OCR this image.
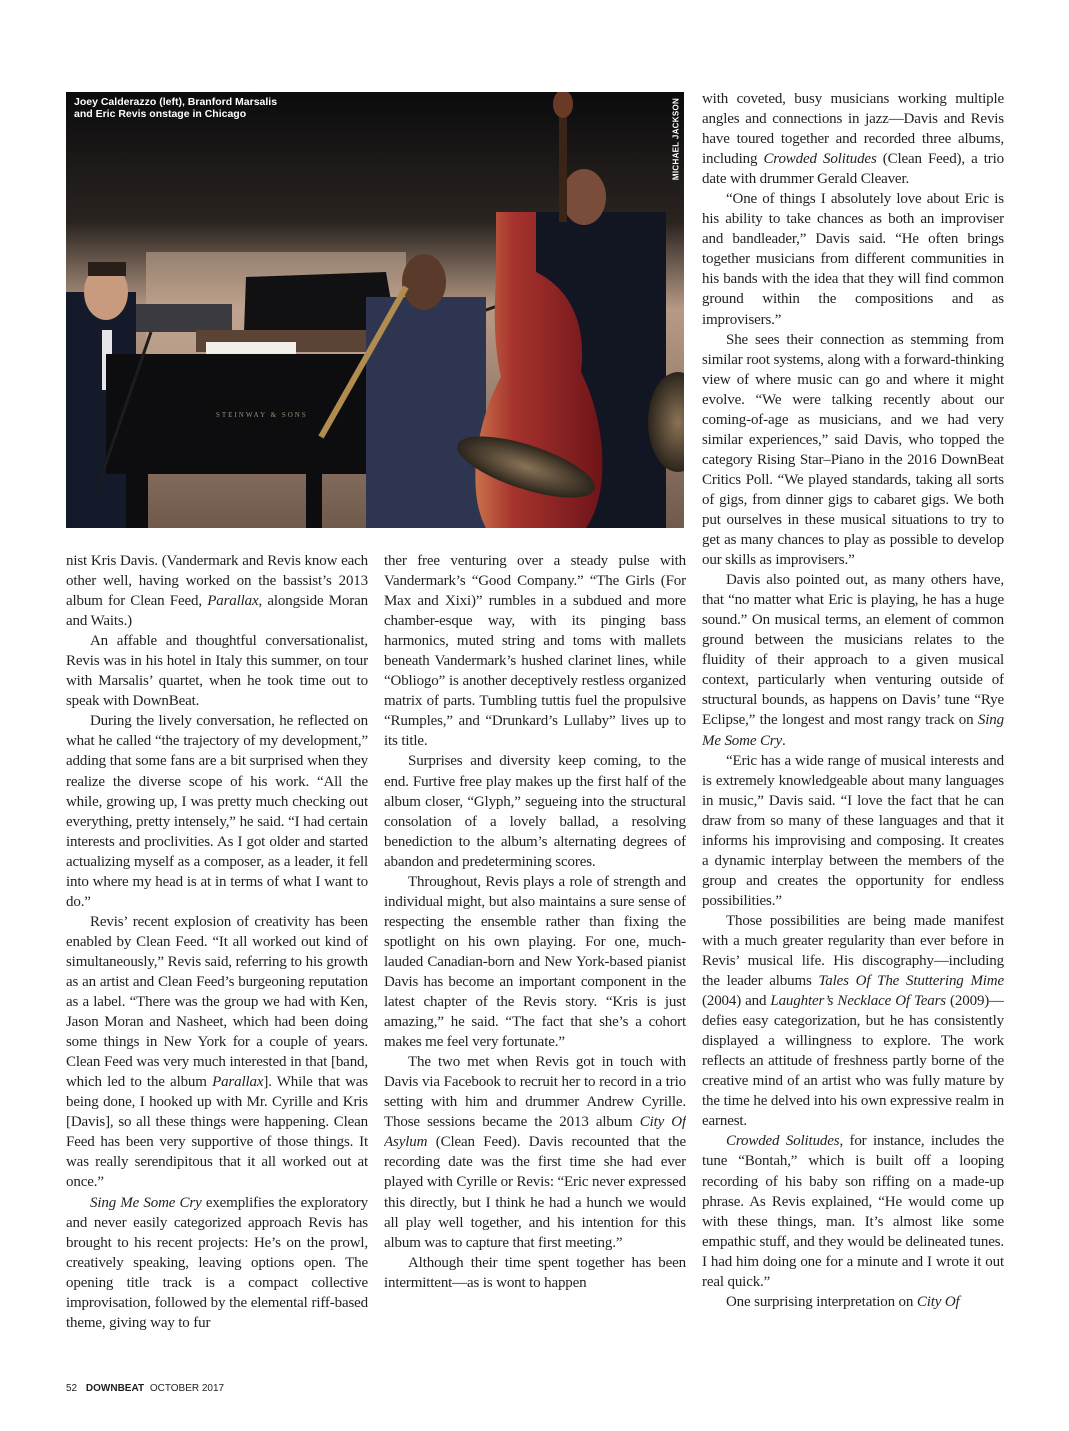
STEINWAY & SONS
Joey Calderazzo (left), Branford Marsalis
and Eric Revis onstage in Chicago	MICHAEL JACKSON

nist Kris Davis. (Vandermark and Revis know each other well, having worked on the bassist’s 2013 album for Clean Feed, Parallax, alongside Moran and Waits.)

An affable and thoughtful conversationalist, Revis was in his hotel in Italy this summer, on tour with Marsalis’ quartet, when he took time out to speak with DownBeat.

During the lively conversation, he reflected on what he called “the trajectory of my development,” adding that some fans are a bit surprised when they realize the diverse scope of his work. “All the while, growing up, I was pretty much checking out everything, pretty intensely,” he said. “I had certain interests and proclivities. As I got older and started actualizing myself as a composer, as a leader, it fell into where my head is at in terms of what I want to do.”

Revis’ recent explosion of creativity has been enabled by Clean Feed. “It all worked out kind of simultaneously,” Revis said, referring to his growth as an artist and Clean Feed’s burgeoning reputation as a label. “There was the group we had with Ken, Jason Moran and Nasheet, which had been doing some things in New York for a couple of years. Clean Feed was very much interested in that [band, which led to the album Parallax]. While that was being done, I hooked up with Mr. Cyrille and Kris [Davis], so all these things were happening. Clean Feed has been very supportive of those things. It was really serendipitous that it all worked out at once.”

Sing Me Some Cry exemplifies the exploratory and never easily categorized approach Revis has brought to his recent projects: He’s on the prowl, creatively speaking, leaving options open. The opening title track is a compact collective improvisation, followed by the elemental riff-based theme, giving way to fur

ther free venturing over a steady pulse with Vandermark’s “Good Company.” “The Girls (For Max and Xixi)” rumbles in a subdued and more chamber-esque way, with its pinging bass harmonics, muted string and toms with mallets beneath Vandermark’s hushed clarinet lines, while “Obliogo” is another deceptively restless organized matrix of parts. Tumbling tuttis fuel the propulsive “Rumples,” and “Drunkard’s Lullaby” lives up to its title.

Surprises and diversity keep coming, to the end. Furtive free play makes up the first half of the album closer, “Glyph,” segueing into the structural consolation of a lovely ballad, a resolving benediction to the album’s alternating degrees of abandon and predetermining scores.

Throughout, Revis plays a role of strength and individual might, but also maintains a sure sense of respecting the ensemble rather than fixing the spotlight on his own playing. For one, much-lauded Canadian-born and New York-based pianist Davis has become an important component in the latest chapter of the Revis story. “Kris is just amazing,” he said. “The fact that she’s a cohort makes me feel very fortunate.”

The two met when Revis got in touch with Davis via Facebook to recruit her to record in a trio setting with him and drummer Andrew Cyrille. Those sessions became the 2013 album City Of Asylum (Clean Feed). Davis recounted that the recording date was the first time she had ever played with Cyrille or Revis: “Eric never expressed this directly, but I think he had a hunch we would all play well together, and his intention for this album was to capture that first meeting.”

Although their time spent together has been intermittent—as is wont to happen

with coveted, busy musicians working multiple angles and connections in jazz—Davis and Revis have toured together and recorded three albums, including Crowded Solitudes (Clean Feed), a trio date with drummer Gerald Cleaver.

“One of things I absolutely love about Eric is his ability to take chances as both an improviser and bandleader,” Davis said. “He often brings together musicians from different communities in his bands with the idea that they will find common ground within the compositions and as improvisers.”

She sees their connection as stemming from similar root systems, along with a forward-thinking view of where music can go and where it might evolve. “We were talking recently about our coming-of-age as musicians, and we had very similar experiences,” said Davis, who topped the category Rising Star–Piano in the 2016 DownBeat Critics Poll. “We played standards, taking all sorts of gigs, from dinner gigs to cabaret gigs. We both put ourselves in these musical situations to try to get as many chances to play as possible to develop our skills as improvisers.”

Davis also pointed out, as many others have, that “no matter what Eric is playing, he has a huge sound.” On musical terms, an element of common ground between the musicians relates to the fluidity of their approach to a given musical context, particularly when venturing outside of structural bounds, as happens on Davis’ tune “Rye Eclipse,” the longest and most rangy track on Sing Me Some Cry.

“Eric has a wide range of musical interests and is extremely knowledgeable about many languages in music,” Davis said. “I love the fact that he can draw from so many of these languages and that it informs his improvising and composing. It creates a dynamic interplay between the members of the group and creates the opportunity for endless possibilities.”

Those possibilities are being made manifest with a much greater regularity than ever before in Revis’ musical life. His discography—including the leader albums Tales Of The Stuttering Mime (2004) and Laughter’s Necklace Of Tears (2009)—defies easy categorization, but he has consistently displayed a willingness to explore. The work reflects an attitude of freshness partly borne of the creative mind of an artist who was fully mature by the time he delved into his own expressive realm in earnest.

Crowded Solitudes, for instance, includes the tune “Bontah,” which is built off a looping recording of his baby son riffing on a made-up phrase. As Revis explained, “He would come up with these things, man. It’s almost like some empathic stuff, and they would be delineated tunes. I had him doing one for a minute and I wrote it out real quick.”

One surprising interpretation on City Of

52 DOWNBEAT OCTOBER 2017
